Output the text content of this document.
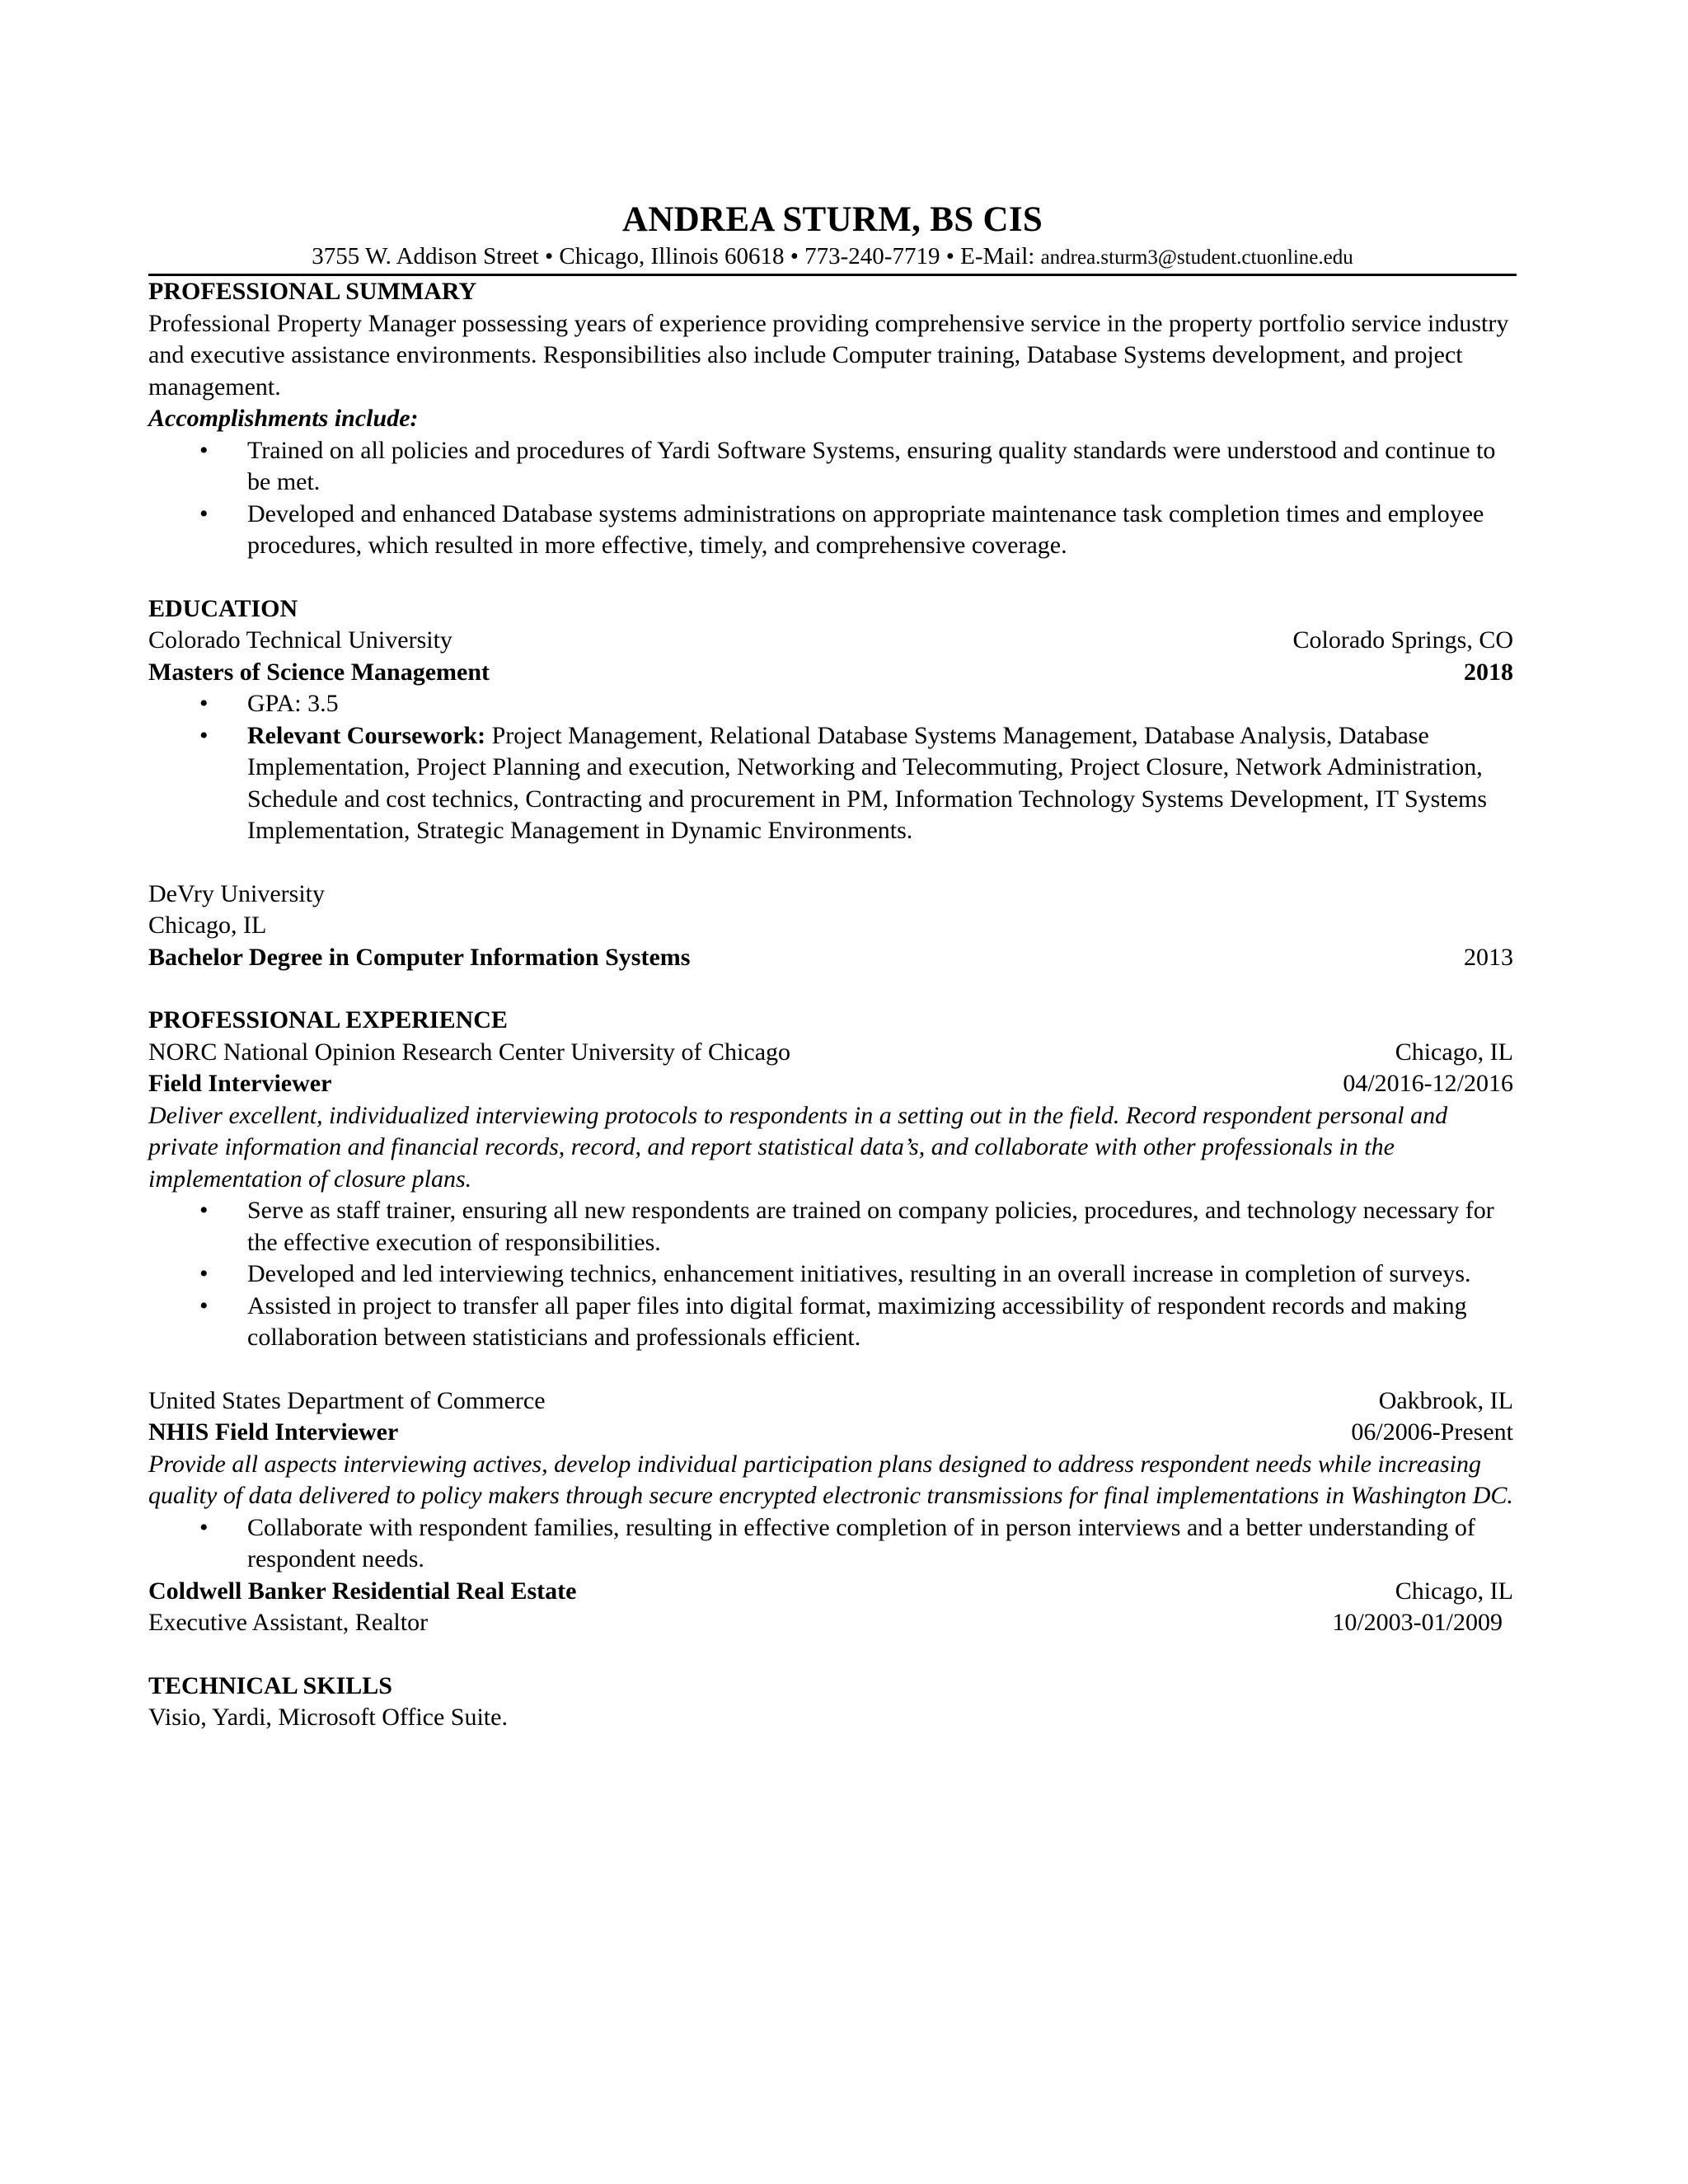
ANDREA STURM, BS CIS

3755 W. Addison Street • Chicago, Illinois 60618 • 773-240-7719 • E-Mail: andrea.sturm3@student.ctuonline.edu

PROFESSIONAL SUMMARY

Professional Property Manager possessing years of experience providing comprehensive service in the property portfolio service industry and executive assistance environments. Responsibilities also include Computer training, Database Systems development, and project management.

Accomplishments include:

• Trained on all policies and procedures of Yardi Software Systems, ensuring quality standards were understood and continue to be met.
• Developed and enhanced Database systems administrations on appropriate maintenance task completion times and employee procedures, which resulted in more effective, timely, and comprehensive coverage.

EDUCATION

Colorado Technical University	Colorado Springs, CO
Masters of Science Management	2018
• GPA: 3.5
• Relevant Coursework: Project Management, Relational Database Systems Management, Database Analysis, Database Implementation, Project Planning and execution, Networking and Telecommuting, Project Closure, Network Administration, Schedule and cost technics, Contracting and procurement in PM, Information Technology Systems Development, IT Systems Implementation, Strategic Management in Dynamic Environments.

DeVry University

Chicago, IL

Bachelor Degree in Computer Information Systems	2013

PROFESSIONAL EXPERIENCE

NORC National Opinion Research Center University of Chicago	Chicago, IL
Field Interviewer	04/2016-12/2016

Deliver excellent, individualized interviewing protocols to respondents in a setting out in the field. Record respondent personal and private information and financial records, record, and report statistical data’s, and collaborate with other professionals in the implementation of closure plans.

• Serve as staff trainer, ensuring all new respondents are trained on company policies, procedures, and technology necessary for the effective execution of responsibilities.
• Developed and led interviewing technics, enhancement initiatives, resulting in an overall increase in completion of surveys.
• Assisted in project to transfer all paper files into digital format, maximizing accessibility of respondent records and making collaboration between statisticians and professionals efficient.
United States Department of Commerce	Oakbrook, IL
NHIS Field Interviewer	06/2006-Present

Provide all aspects interviewing actives, develop individual participation plans designed to address respondent needs while increasing quality of data delivered to policy makers through secure encrypted electronic transmissions for final implementations in Washington DC.

• Collaborate with respondent families, resulting in effective completion of in person interviews and a better understanding of respondent needs.
Coldwell Banker Residential Real Estate	Chicago, IL
Executive Assistant, Realtor	10/2003-01/2009

TECHNICAL SKILLS

Visio, Yardi, Microsoft Office Suite.
